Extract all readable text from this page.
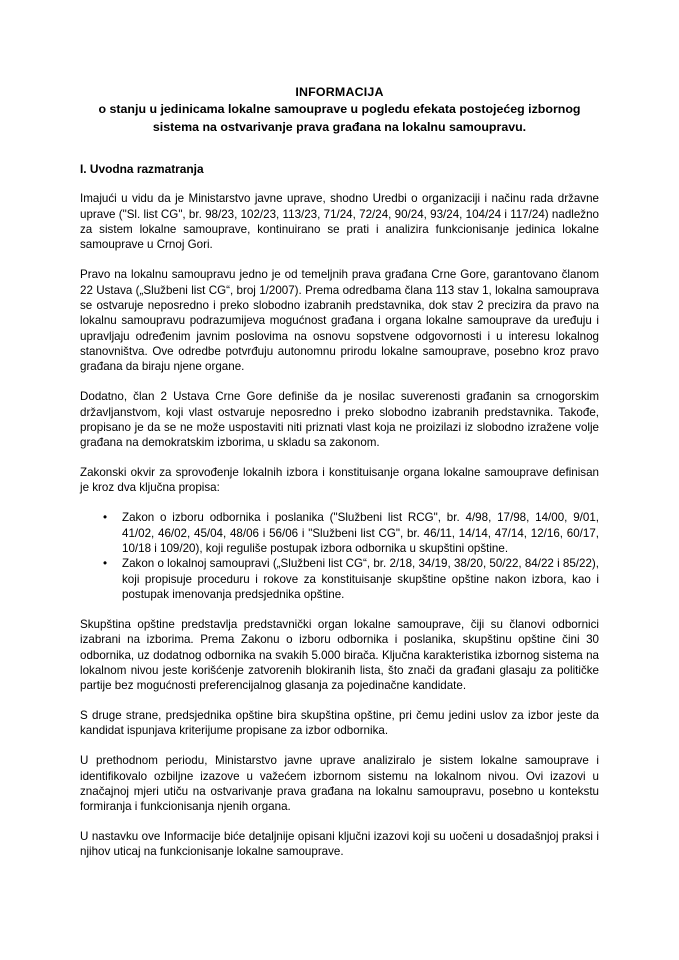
INFORMACIJA
o stanju u jedinicama lokalne samouprave u pogledu efekata postojećeg izbornog sistema na ostvarivanje prava građana na lokalnu samoupravu.
I. Uvodna razmatranja

Imajući u vidu da je Ministarstvo javne uprave, shodno Uredbi o organizaciji i načinu rada državne uprave ("Sl. list CG", br. 98/23, 102/23, 113/23, 71/24, 72/24, 90/24, 93/24, 104/24 i 117/24) nadležno za sistem lokalne samouprave, kontinuirano se prati i analizira funkcionisanje jedinica lokalne samouprave u Crnoj Gori.

Pravo na lokalnu samoupravu jedno je od temeljnih prava građana Crne Gore, garantovano članom 22 Ustava („Službeni list CG“, broj 1/2007). Prema odredbama člana 113 stav 1, lokalna samouprava se ostvaruje neposredno i preko slobodno izabranih predstavnika, dok stav 2 precizira da pravo na lokalnu samoupravu podrazumijeva mogućnost građana i organa lokalne samouprave da uređuju i upravljaju određenim javnim poslovima na osnovu sopstvene odgovornosti i u interesu lokalnog stanovništva. Ove odredbe potvrđuju autonomnu prirodu lokalne samouprave, posebno kroz pravo građana da biraju njene organe.

Dodatno, član 2 Ustava Crne Gore definiše da je nosilac suverenosti građanin sa crnogorskim državljanstvom, koji vlast ostvaruje neposredno i preko slobodno izabranih predstavnika. Takođe, propisano je da se ne može uspostaviti niti priznati vlast koja ne proizilazi iz slobodno izražene volje građana na demokratskim izborima, u skladu sa zakonom.

Zakonski okvir za sprovođenje lokalnih izbora i konstituisanje organa lokalne samouprave definisan je kroz dva ključna propisa:

• Zakon o izboru odbornika i poslanika ("Službeni list RCG", br. 4/98, 17/98, 14/00, 9/01, 41/02, 46/02, 45/04, 48/06 i 56/06 i "Službeni list CG", br. 46/11, 14/14, 47/14, 12/16, 60/17, 10/18 i 109/20), koji reguliše postupak izbora odbornika u skupštini opštine.
• Zakon o lokalnoj samoupravi („Službeni list CG“, br. 2/18, 34/19, 38/20, 50/22, 84/22 i 85/22), koji propisuje proceduru i rokove za konstituisanje skupštine opštine nakon izbora, kao i postupak imenovanja predsjednika opštine.

Skupština opštine predstavlja predstavnički organ lokalne samouprave, čiji su članovi odbornici izabrani na izborima. Prema Zakonu o izboru odbornika i poslanika, skupštinu opštine čini 30 odbornika, uz dodatnog odbornika na svakih 5.000 birača. Ključna karakteristika izbornog sistema na lokalnom nivou jeste korišćenje zatvorenih blokiranih lista, što znači da građani glasaju za političke partije bez mogućnosti preferencijalnog glasanja za pojedinačne kandidate.

S druge strane, predsjednika opštine bira skupština opštine, pri čemu jedini uslov za izbor jeste da kandidat ispunjava kriterijume propisane za izbor odbornika.

U prethodnom periodu, Ministarstvo javne uprave analiziralo je sistem lokalne samouprave i identifikovalo ozbiljne izazove u važećem izbornom sistemu na lokalnom nivou. Ovi izazovi u značajnoj mjeri utiču na ostvarivanje prava građana na lokalnu samoupravu, posebno u kontekstu formiranja i funkcionisanja njenih organa.

U nastavku ove Informacije biće detaljnije opisani ključni izazovi koji su uočeni u dosadašnjoj praksi i njihov uticaj na funkcionisanje lokalne samouprave.
